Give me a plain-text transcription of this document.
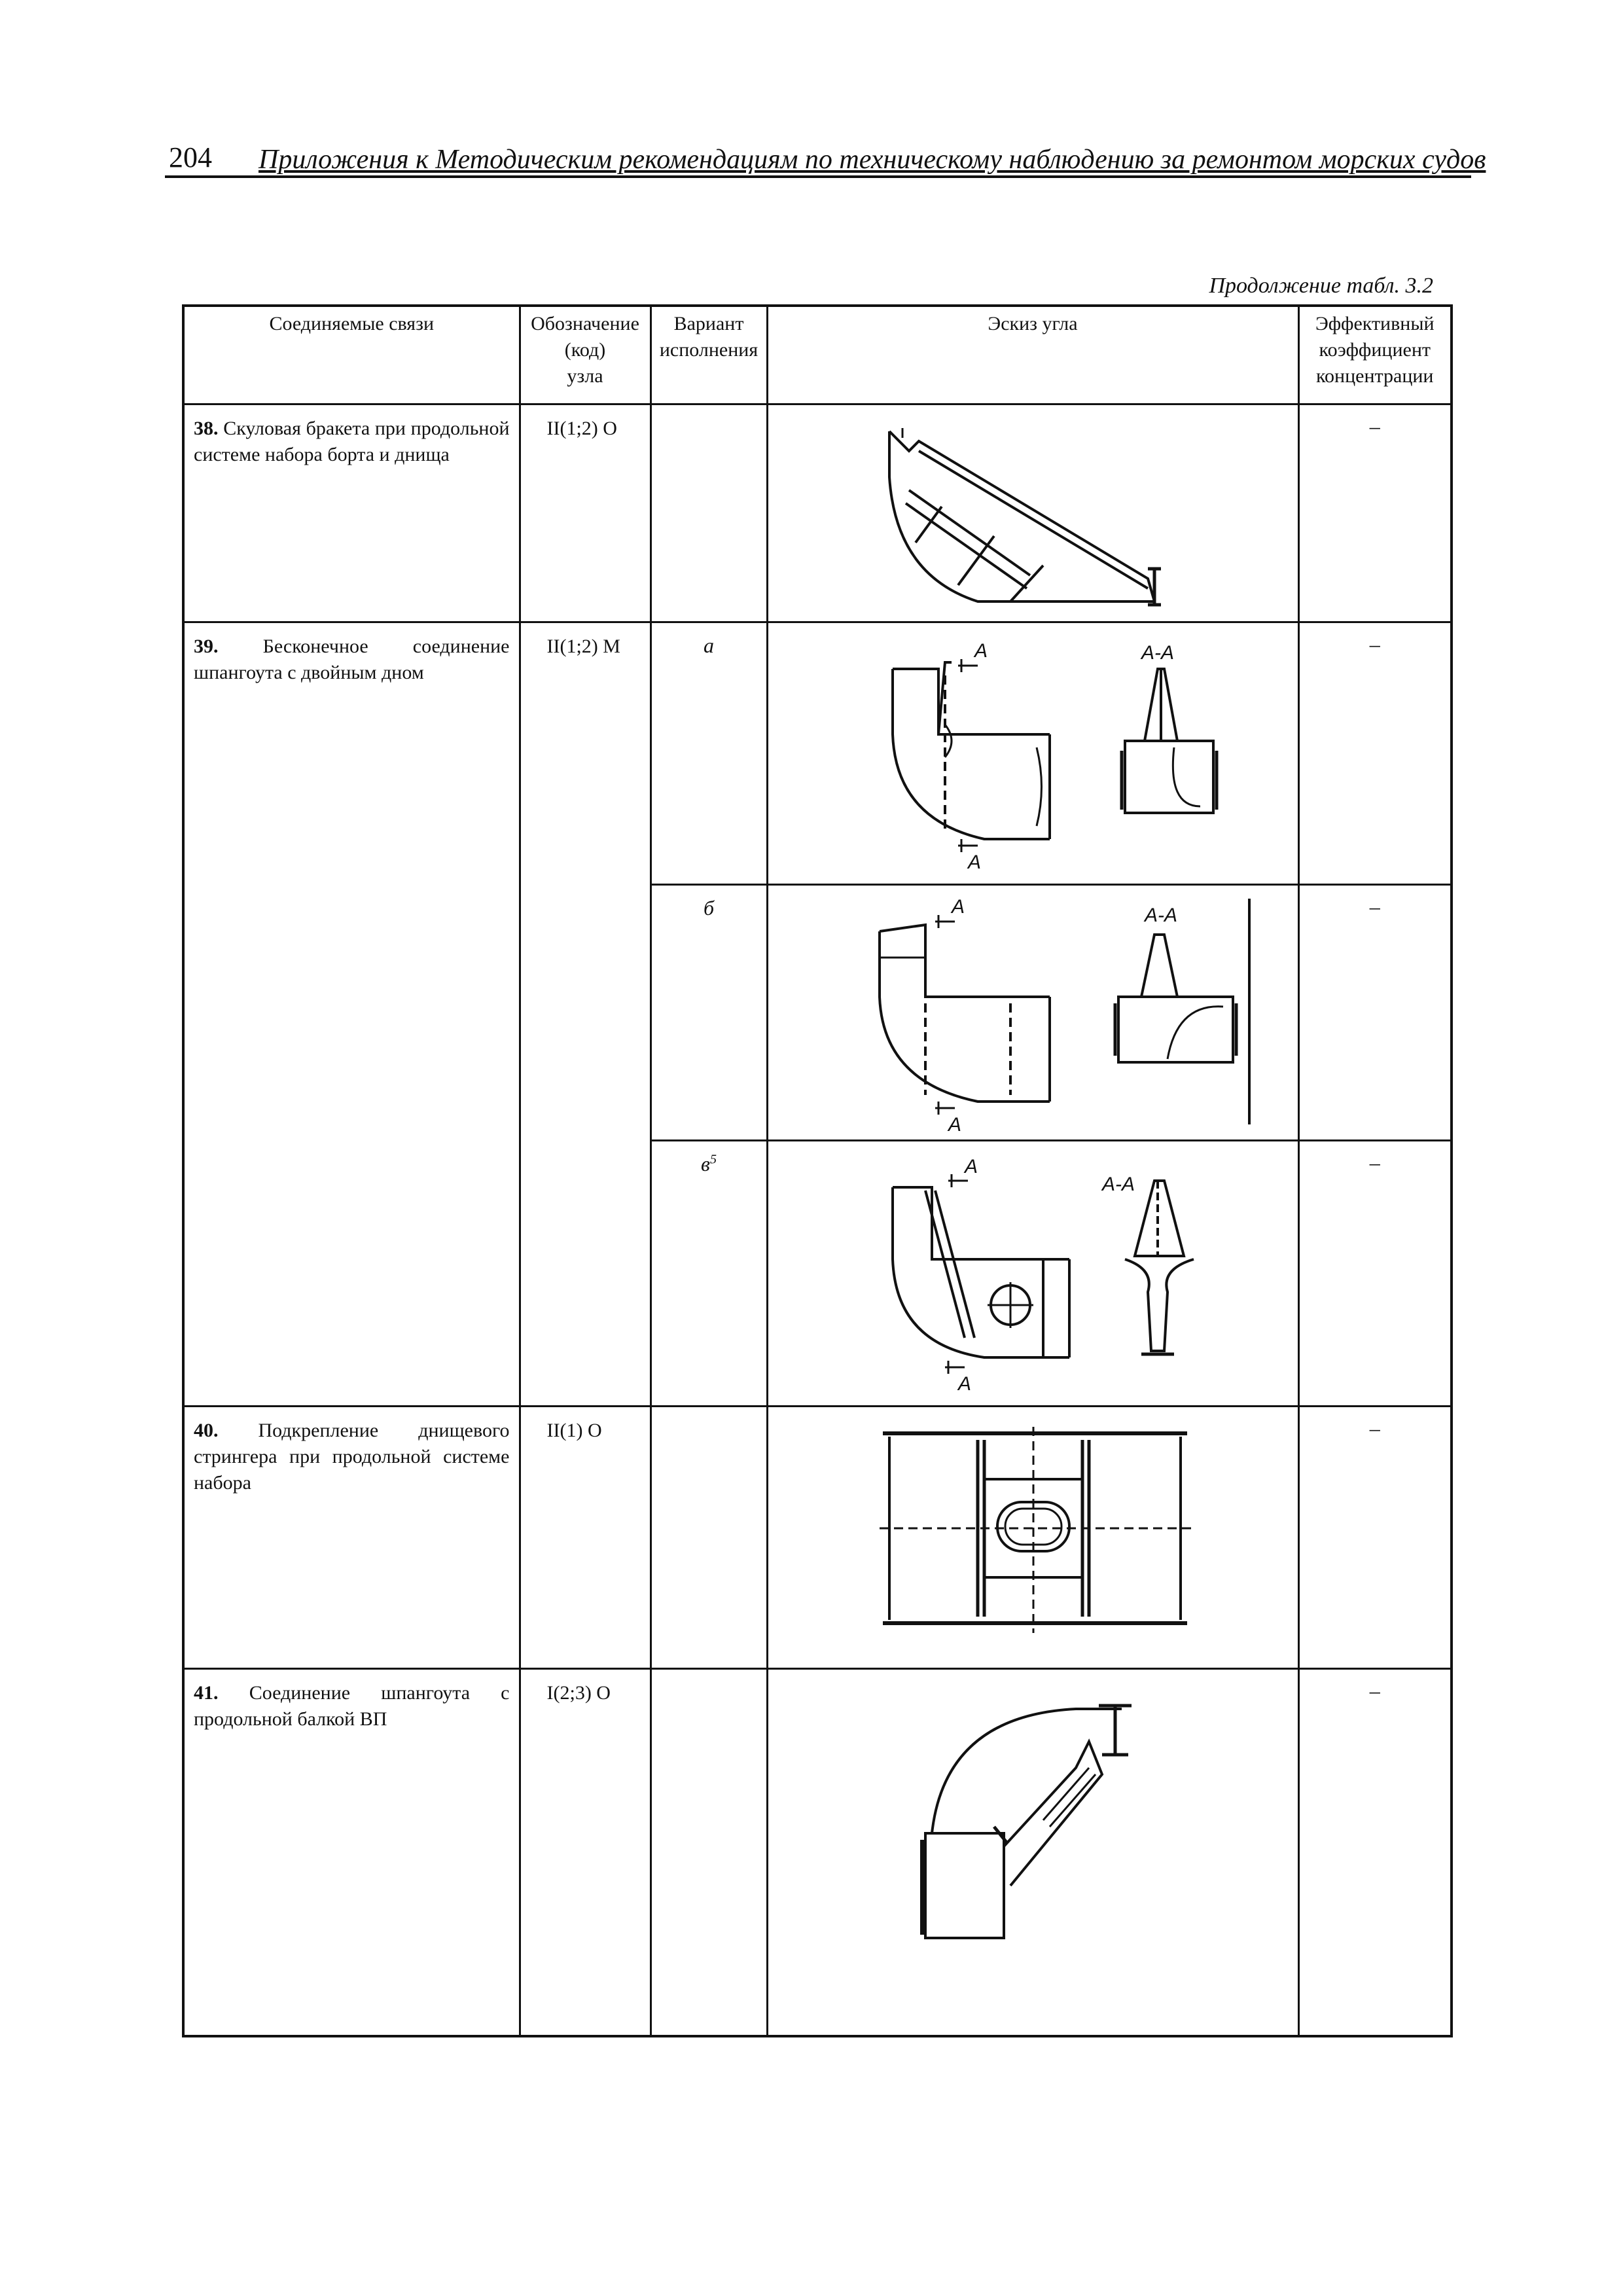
204 Приложения к Методическим рекомендациям по техническому наблюдению за ремонтом морских судов
Продолжение табл. 3.2
Соединяемые связи	Обозначение
(код)
узла	Вариант
исполнения	Эскиз угла	Эффективный
коэффициент
концентрации
38. Скуловая бракета при продольной системе набора борта и днища	II(1;2) O			–
39. Бесконечное соединение шпангоута с двойным дном	II(1;2) M	а	A
A
A-A	–
		б	A
A
A-A	–
		$в^5$	A
A
A-A	–
40. Подкрепление днищевого стрингера при продольной системе набора	II(1) O			–
41. Соединение шпангоута с продольной балкой ВП	I(2;3) O			–
